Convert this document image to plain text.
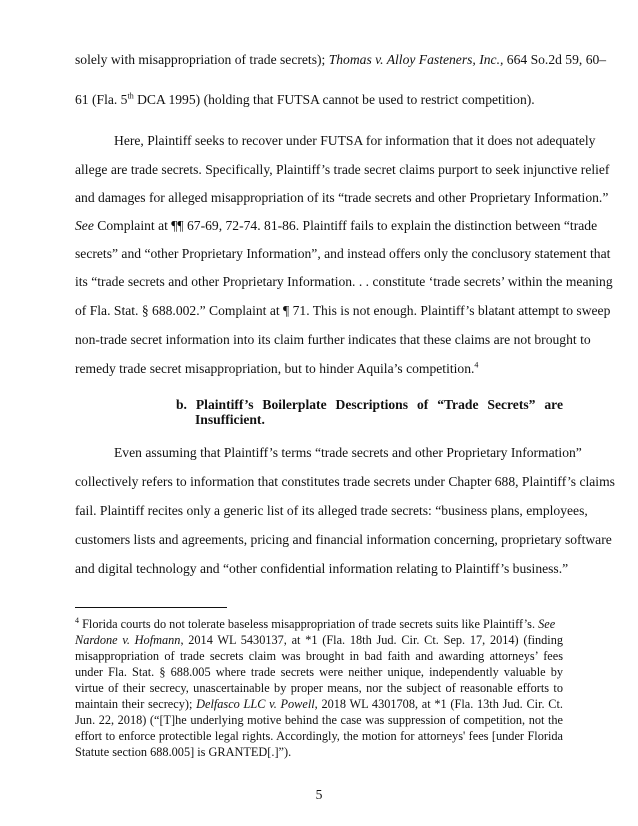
solely with misappropriation of trade secrets); Thomas v. Alloy Fasteners, Inc., 664 So.2d 59, 60–
61 (Fla. 5th DCA 1995) (holding that FUTSA cannot be used to restrict competition).
Here, Plaintiff seeks to recover under FUTSA for information that it does not adequately
allege are trade secrets. Specifically, Plaintiff’s trade secret claims purport to seek injunctive relief
and damages for alleged misappropriation of its “trade secrets and other Proprietary Information.”
See Complaint at ¶¶ 67-69, 72-74. 81-86. Plaintiff fails to explain the distinction between “trade
secrets” and “other Proprietary Information”, and instead offers only the conclusory statement that
its “trade secrets and other Proprietary Information. . . constitute ‘trade secrets’ within the meaning
of Fla. Stat. § 688.002.” Complaint at ¶ 71. This is not enough. Plaintiff’s blatant attempt to sweep
non-trade secret information into its claim further indicates that these claims are not brought to
remedy trade secret misappropriation, but to hinder Aquila’s competition.$^4$
b. Plaintiff’s Boilerplate Descriptions of “Trade Secrets” are
Insufficient.
Even assuming that Plaintiff’s terms “trade secrets and other Proprietary Information”
collectively refers to information that constitutes trade secrets under Chapter 688, Plaintiff’s claims
fail. Plaintiff recites only a generic list of its alleged trade secrets: “business plans, employees,
customers lists and agreements, pricing and financial information concerning, proprietary software
and digital technology and “other confidential information relating to Plaintiff’s business.”
$^4$ Florida courts do not tolerate baseless misappropriation of trade secrets suits like Plaintiff’s. See
Nardone v. Hofmann, 2014 WL 5430137, at *1 (Fla. 18th Jud. Cir. Ct. Sep. 17, 2014) (finding
misappropriation of trade secrets claim was brought in bad faith and awarding attorneys’ fees
under Fla. Stat. § 688.005 where trade secrets were neither unique, independently valuable by
virtue of their secrecy, unascertainable by proper means, nor the subject of reasonable efforts to
maintain their secrecy); Delfasco LLC v. Powell, 2018 WL 4301708, at *1 (Fla. 13th Jud. Cir. Ct.
Jun. 22, 2018) (“[T]he underlying motive behind the case was suppression of competition, not the
effort to enforce protectible legal rights. Accordingly, the motion for attorneys' fees [under Florida
Statute section 688.005] is GRANTED[.]”).
5
